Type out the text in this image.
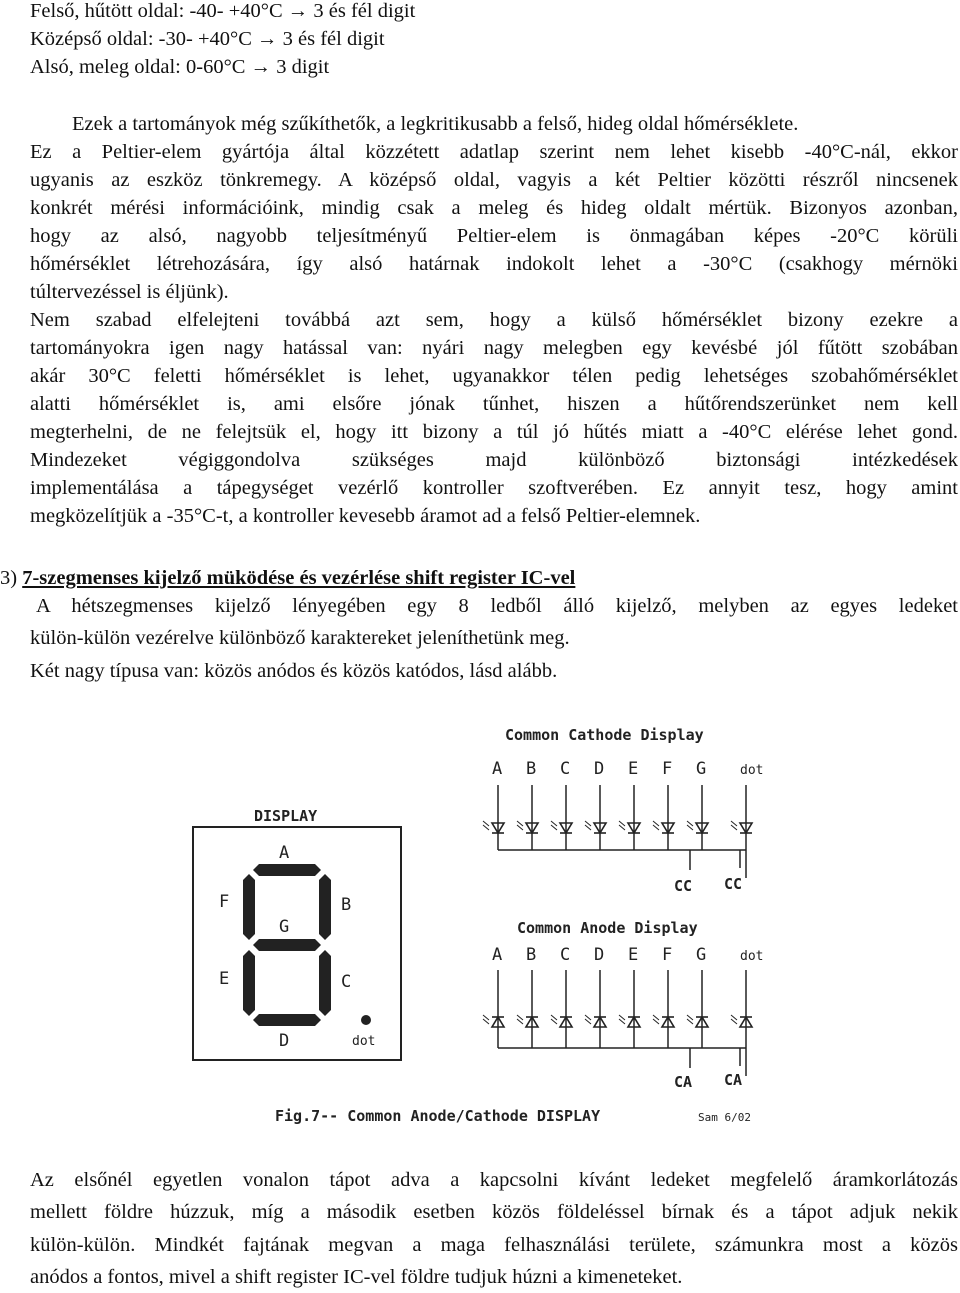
Felső, hűtött oldal: -40- +40°C → 3 és fél digit
Középső oldal: -30- +40°C → 3 és fél digit
Alsó, meleg oldal: 0-60°C → 3 digit
Ezek a tartományok még szűkíthetők, a legkritikusabb a felső, hideg oldal hőmérséklete.
Ez a Peltier-elem gyártója által közzétett adatlap szerint nem lehet kisebb -40°C-nál, ekkor
ugyanis az eszköz tönkremegy. A középső oldal, vagyis a két Peltier közötti részről nincsenek
konkrét mérési információink, mindig csak a meleg és hideg oldalt mértük. Bizonyos azonban,
hogy az alsó, nagyobb teljesítményű Peltier-elem is önmagában képes -20°C körüli
hőmérséklet létrehozására, így alsó határnak indokolt lehet a -30°C (csakhogy mérnöki
túltervezéssel is éljünk).
Nem szabad elfelejteni továbbá azt sem, hogy a külső hőmérséklet bizony ezekre a
tartományokra igen nagy hatással van: nyári nagy melegben egy kevésbé jól fűtött szobában
akár 30°C feletti hőmérséklet is lehet, ugyanakkor télen pedig lehetséges szobahőmérséklet
alatti hőmérséklet is, ami elsőre jónak tűnhet, hiszen a hűtőrendszerünket nem kell
megterhelni, de ne felejtsük el, hogy itt bizony a túl jó hűtés miatt a -40°C elérése lehet gond.
Mindezeket végiggondolva szükséges majd különböző biztonsági intézkedések
implementálása a tápegységet vezérlő kontroller szoftverében. Ez annyit tesz, hogy amint
megközelítjük a -35°C-t, a kontroller kevesebb áramot ad a felső Peltier-elemnek.
3) 7-szegmenses kijelző müködése és vezérlése shift register IC-vel
A hétszegmenses kijelző lényegében egy 8 ledből álló kijelző, melyben az egyes ledeket
külön-külön vezérelve különböző karaktereket jeleníthetünk meg.
Két nagy típusa van: közös anódos és közös katódos, lásd alább.
DISPLAY
A
B
C
D
E
F
G
dot
Common Cathode Display
A B C D E F G	dot
CC CC
Common Anode Display
A B C D E F G	dot
CA CA
Fig.7-- Common Anode/Cathode DISPLAY	Sam 6/02
Az elsőnél egyetlen vonalon tápot adva a kapcsolni kívánt ledeket megfelelő áramkorlátozás
mellett földre húzzuk, míg a második esetben közös földeléssel bírnak és a tápot adjuk nekik
külön-külön. Mindkét fajtának megvan a maga felhasználási területe, számunkra most a közös
anódos a fontos, mivel a shift register IC-vel földre tudjuk húzni a kimeneteket.
